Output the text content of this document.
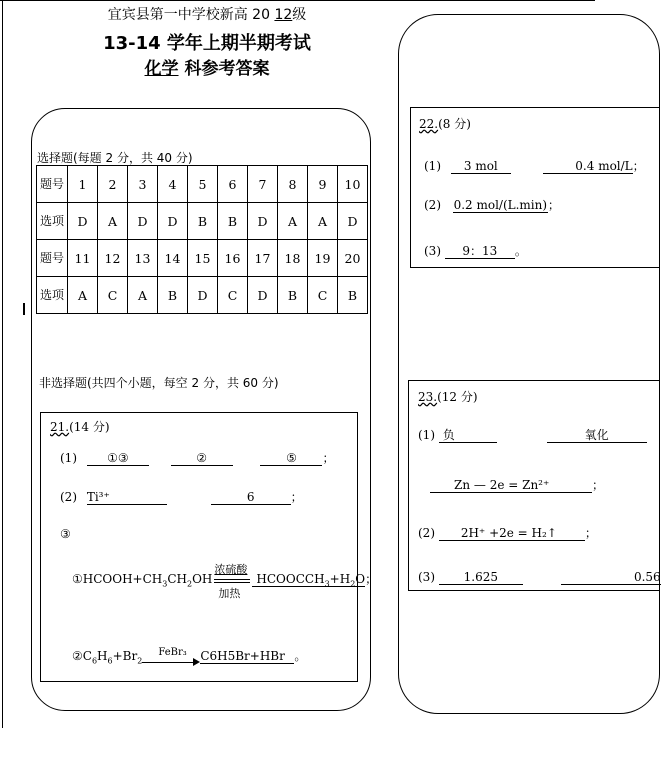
宜宾县第一中学校新高 20 12级
13-14 学年上期半期考试
化学 科参考答案
选择题(每题 2 分，共 40 分)
题号	1	2	3	4	5	6	7	8	9	10
选项	D	A	D	D	B	B	D	A	A	D
题号	11	12	13	14	15	16	17	18	19	20
选项	A	C	A	B	D	C	D	B	C	B
非选择题(共四个小题，每空 2 分，共 60 分)
21.(14 分)
(1)	①③	②	⑤ ；
(2) Ti³⁺	6	；
③
$①HCOOH+CH_3CH_2OH$
浓硫酸
加热
$HCOOCCH_3+H_2O$；
$②C_6H_6+Br_2$
FeBr₃ C6H5Br+HBr 。
22.(8 分)
(1) 3 mol	0.4 mol/L；
(2) 0.2 mol/(L.min)；
(3) 9：13 。
23.(12 分)
(1) 负	氧化
Zn — 2e = Zn²⁺	；
(2) 2H⁺ +2e = H₂↑ ；
(3) 1.625	0.56
